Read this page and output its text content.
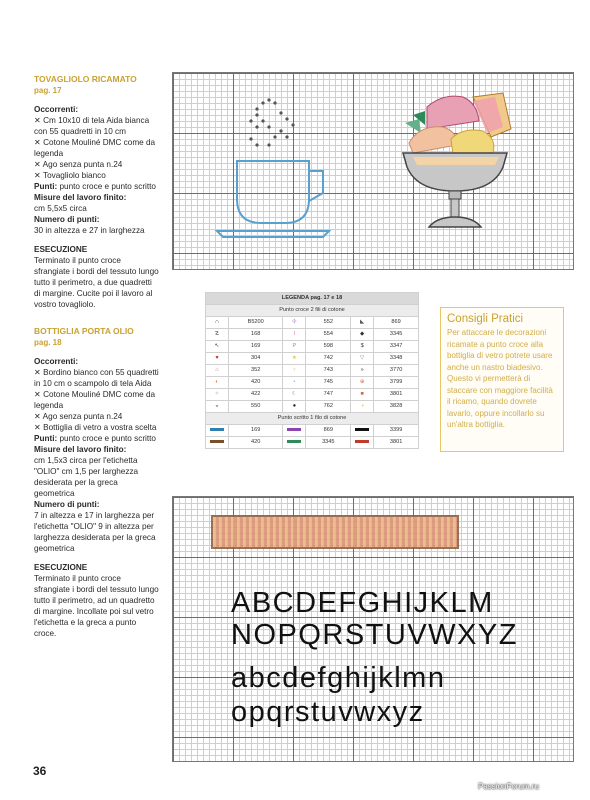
TOVAGLIOLO RICAMATO
pag. 17
Occorrenti:
✕ Cm 10x10 di tela Aida bianca con 55 quadretti in 10 cm
✕ Cotone Mouliné DMC come da legenda
✕ Ago senza punta n.24
✕ Tovagliolo bianco
Punti: punto croce e punto scritto
Misure del lavoro finito:
cm 5,5x5 circa
Numero di punti:
30 in altezza e 27 in larghezza
ESECUZIONE
Terminato il punto croce sfrangiate i bordi del tessuto lungo tutto il perimetro, a due quadretti di margine. Cucite poi il lavoro al vostro tovagliolo.
BOTTIGLIA PORTA OLIO
pag. 18
Occorrenti:
✕ Bordino bianco con 55 quadretti in 10 cm o scampolo di tela Aida
✕ Cotone Mouliné DMC come da legenda
✕ Ago senza punta n.24
✕ Bottiglia di vetro a vostra scelta
Punti: punto croce e punto scritto
Misure del lavoro finito:
cm 1,5x3 circa per l'etichetta "OLIO" cm 1,5 per larghezza desiderata per la greca geometrica
Numero di punti:
7 in altezza e 17 in larghezza per l'etichetta "OLIO" 9 in altezza per larghezza desiderata per la greca geometrica
ESECUZIONE
Terminato il punto croce sfrangiate i bordi del tessuto lungo tutto il perimetro, ad un quadretto di margine. Incollate poi sul vetro l'etichetta e la greca a punto croce.
LEGENDA pag. 17 e 18					
Punto croce 2 fili di cotone					
∩	B5200	✣	552	◣	869
☡	168	I	554	◆	3345
↖	169	P	598	$	3347
♥	304	★	742	▽	3348
⌂	352	♀	743	»	3770
◐	420	•	745	⊕	3799
✧	422	☾	747	■	3801
◒	550	●	762	◑	3828
Punto scritto 1 filo di cotone					
	169		869		3399
	420		3345		3801
Consigli Pratici
Per attaccare le decorazioni ricamate a punto croce alla bottiglia di vetro potrete usare anche un nastro biadesivo. Questo vi permetterà di staccare con maggiore facilità il ricamo, quando dovrete lavarlo, oppure incollarlo su un'altra bottiglia.
ABCDEFGHIJKLM
NOPQRSTUVWXYZ
abcdefghijklmn
opqrstuvwxyz
36
PassionForum.ru
